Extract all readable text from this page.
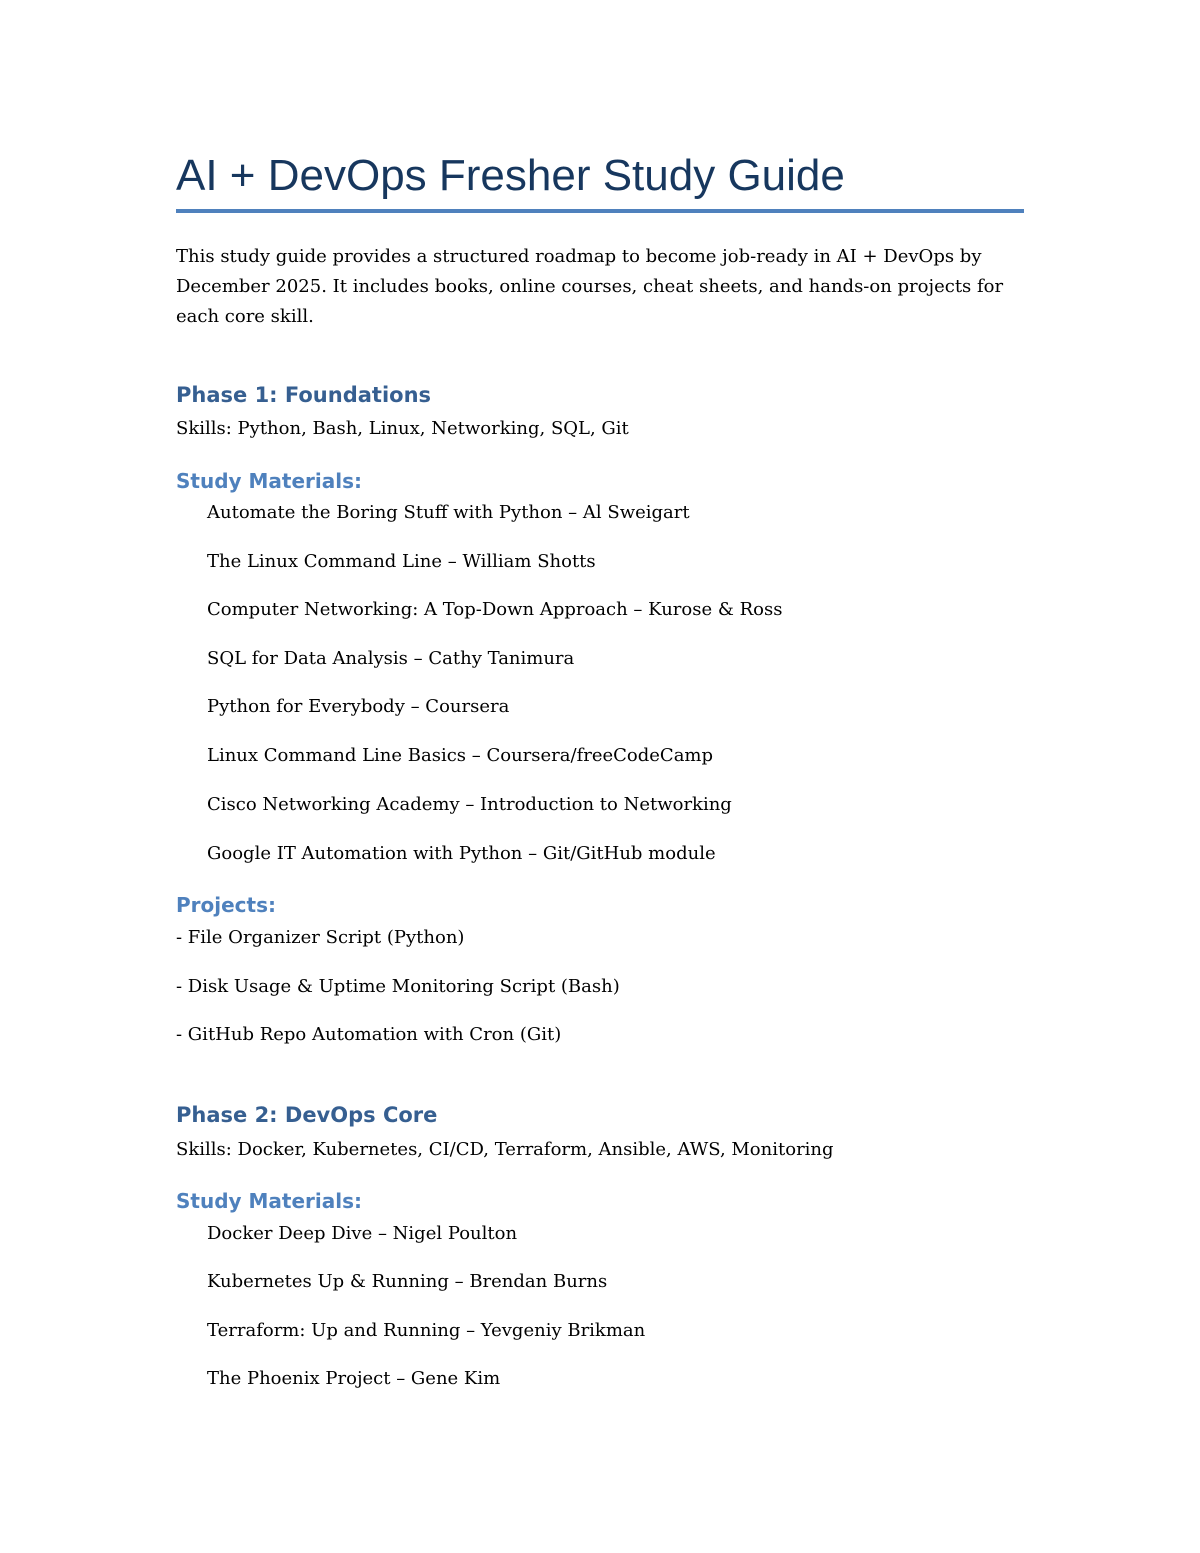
AI + DevOps Fresher Study Guide

This study guide provides a structured roadmap to become job-ready in AI + DevOps by
December 2025. It includes books, online courses, cheat sheets, and hands-on projects for
each core skill.

Phase 1: Foundations

Skills: Python, Bash, Linux, Networking, SQL, Git

Study Materials:
Automate the Boring Stuff with Python – Al Sweigart
The Linux Command Line – William Shotts
Computer Networking: A Top-Down Approach – Kurose & Ross
SQL for Data Analysis – Cathy Tanimura
Python for Everybody – Coursera
Linux Command Line Basics – Coursera/freeCodeCamp
Cisco Networking Academy – Introduction to Networking
Google IT Automation with Python – Git/GitHub module
Projects:
- File Organizer Script (Python)
- Disk Usage & Uptime Monitoring Script (Bash)
- GitHub Repo Automation with Cron (Git)
Phase 2: DevOps Core

Skills: Docker, Kubernetes, CI/CD, Terraform, Ansible, AWS, Monitoring

Study Materials:
Docker Deep Dive – Nigel Poulton
Kubernetes Up & Running – Brendan Burns
Terraform: Up and Running – Yevgeniy Brikman
The Phoenix Project – Gene Kim
